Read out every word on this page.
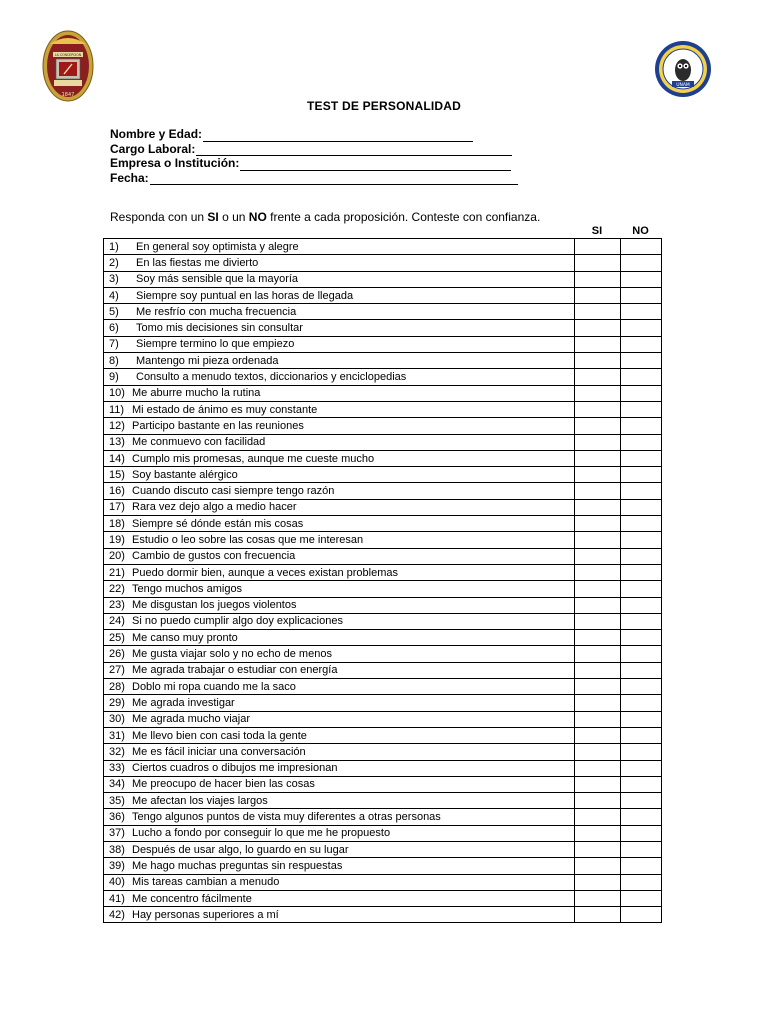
LA CONCEPCION
1847
UNAM
TEST DE PERSONALIDAD
Nombre y Edad:
Cargo Laboral:
Empresa o Institución:
Fecha:
Responda con un SI o un NO frente a cada proposición. Conteste con confianza.
SI	NO
1) En general soy optimista y alegre		
2) En las fiestas me divierto		
3) Soy más sensible que la mayoría		
4) Siempre soy puntual en las horas de llegada		
5) Me resfrío con mucha frecuencia		
6) Tomo mis decisiones sin consultar		
7) Siempre termino lo que empiezo		
8) Mantengo mi pieza ordenada		
9) Consulto a menudo textos, diccionarios y enciclopedias		
10) Me aburre mucho la rutina		
11) Mi estado de ánimo es muy constante		
12) Participo bastante en las reuniones		
13) Me conmuevo con facilidad		
14) Cumplo mis promesas, aunque me cueste mucho		
15) Soy bastante alérgico		
16) Cuando discuto casi siempre tengo razón		
17) Rara vez dejo algo a medio hacer		
18) Siempre sé dónde están mis cosas		
19) Estudio o leo sobre las cosas que me interesan		
20) Cambio de gustos con frecuencia		
21) Puedo dormir bien, aunque a veces existan problemas		
22) Tengo muchos amigos		
23) Me disgustan los juegos violentos		
24) Si no puedo cumplir algo doy explicaciones		
25) Me canso muy pronto		
26) Me gusta viajar solo y no echo de menos		
27) Me agrada trabajar o estudiar con energía		
28) Doblo mi ropa cuando me la saco		
29) Me agrada investigar		
30) Me agrada mucho viajar		
31) Me llevo bien con casi toda la gente		
32) Me es fácil iniciar una conversación		
33) Ciertos cuadros o dibujos me impresionan		
34) Me preocupo de hacer bien las cosas		
35) Me afectan los viajes largos		
36) Tengo algunos puntos de vista muy diferentes a otras personas		
37) Lucho a fondo por conseguir lo que me he propuesto		
38) Después de usar algo, lo guardo en su lugar		
39) Me hago muchas preguntas sin respuestas		
40) Mis tareas cambian a menudo		
41) Me concentro fácilmente		
42) Hay personas superiores a mí		
